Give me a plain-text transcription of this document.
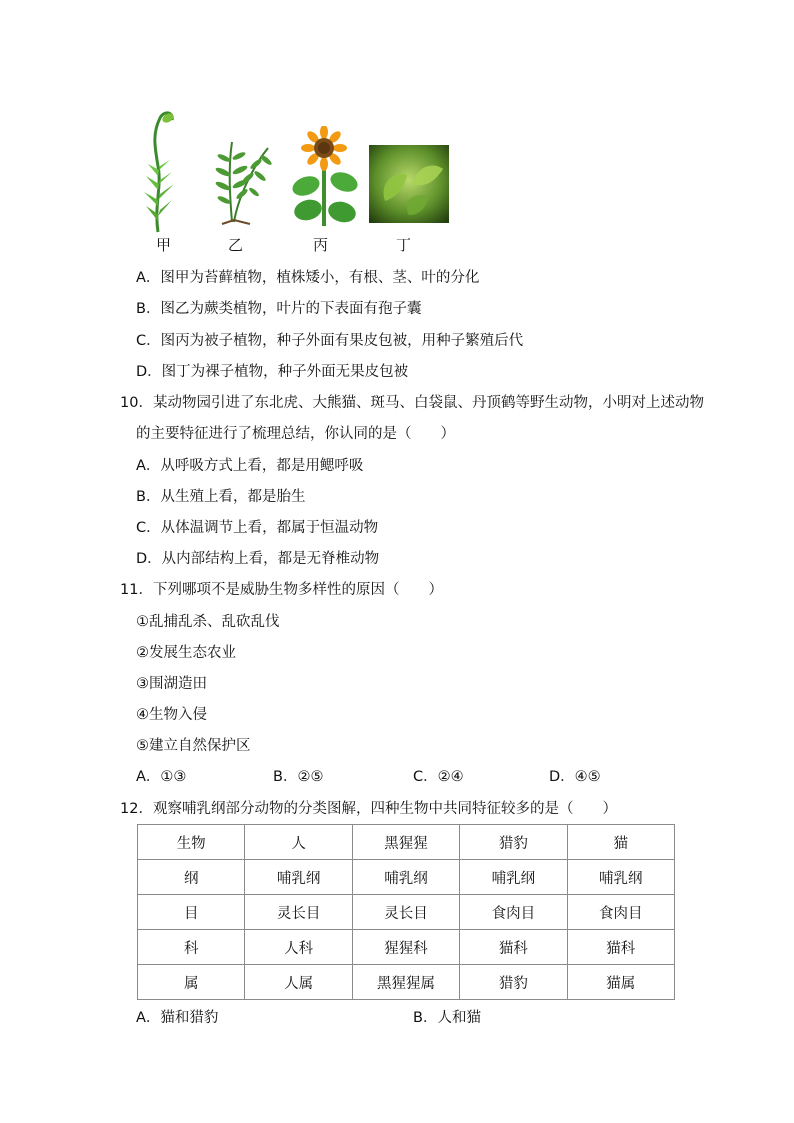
甲	乙	丙	丁
A．图甲为苔藓植物，植株矮小，有根、茎、叶的分化
B．图乙为蕨类植物，叶片的下表面有孢子囊
C．图丙为被子植物，种子外面有果皮包被，用种子繁殖后代
D．图丁为裸子植物，种子外面无果皮包被
10．某动物园引进了东北虎、大熊猫、斑马、白袋鼠、丹顶鹤等野生动物，小明对上述动物
的主要特征进行了梳理总结，你认同的是（　　）
A．从呼吸方式上看，都是用鳃呼吸
B．从生殖上看，都是胎生
C．从体温调节上看，都属于恒温动物
D．从内部结构上看，都是无脊椎动物
11．下列哪项不是威胁生物多样性的原因（　　）
①乱捕乱杀、乱砍乱伐
②发展生态农业
③围湖造田
④生物入侵
⑤建立自然保护区
A．①③	B．②⑤	C．②④	D．④⑤
12．观察哺乳纲部分动物的分类图解，四种生物中共同特征较多的是（　　）
生物	人	黑猩猩	猎豹	猫
纲	哺乳纲	哺乳纲	哺乳纲	哺乳纲
目	灵长目	灵长目	食肉目	食肉目
科	人科	猩猩科	猫科	猫科
属	人属	黑猩猩属	猎豹	猫属
A．猫和猎豹	B．人和猫
